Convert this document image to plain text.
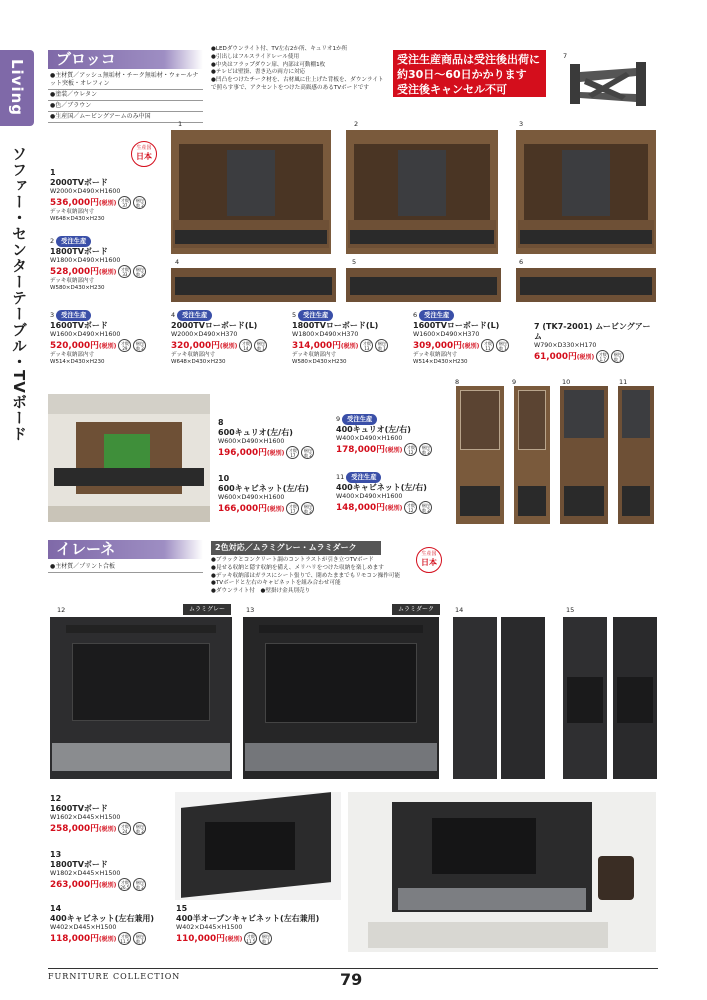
Living
ソファー・センターテーブル・TVボード
ブロッコ
●主材質／アッシュ無垢材・チーク無垢材・ウォールナット突板・オレフィン
●塗装／ウレタン
●色／ブラウン
●生産国／ムービングアームのみ中国
●LEDダウンライト付、TV左右2か所、キュリオ1か所
●引出しはフルスライドレール使用
●中央はフラップダウン扉、内部は可動棚1枚
●テレビは壁掛、書き込の両方に対応
●凹凸をつけたチーク材を、古材風に仕上げた背板を、ダウンライトで照らす事で、アクセントをつけた高級感のあるTVボードです
受注生産商品は受注後出荷に
約30日〜60日かかります
受注後キャンセル不可
7
生産国
日本
1	2	3
4	5	6
1
2000TVボード
W2000×D490×H1600
536,000円(税別) 才数 37梱包数 2
デッキ収納部内寸
W648×D430×H230
2 受注生産
1800TVボード
W1800×D490×H1600
528,000円(税別) 才数 33梱包数 2
デッキ収納部内寸
W580×D430×H230
3 受注生産
1600TVボード
W1600×D490×H1600
520,000円(税別) 才数 29梱包数 2
デッキ収納部内寸
W514×D430×H230
4 受注生産
2000TVローボード(L)
W2000×D490×H370
320,000円(税別) 才数 14梱包数 1
デッキ収納部内寸
W648×D430×H230
5 受注生産
1800TVローボード(L)
W1800×D490×H370
314,000円(税別) 才数 13梱包数 1
デッキ収納部内寸
W580×D430×H230
6 受注生産
1600TVローボード(L)
W1600×D490×H370
309,000円(税別) 才数 11梱包数 1
デッキ収納部内寸
W514×D430×H230
7 (TK7-2001) ムービングアーム
W790×D330×H170
61,000円(税別) 才数 1.7梱包数 1
8
600キュリオ(左/右)
W600×D490×H1600
196,000円(税別) 才数 17梱包数 2
9 受注生産
400キュリオ(左/右)
W400×D490×H1600
178,000円(税別) 才数 12梱包数 2
10
600キャビネット(左/右)
W600×D490×H1600
166,000円(税別) 才数 17梱包数 2
11 受注生産
400キャビネット(左/右)
W400×D490×H1600
148,000円(税別) 才数 12梱包数 2
8	9	10	11
イレーネ
●主材質／プリント合板
2色対応／ムラミグレー・ムラミダーク
●ブラックとコンクリート調のコントラストが引き立つTVボード
●見せる収納と隠す収納を備え、メリハリをつけた収納を楽しめます
●デッキ収納部はガラスにシート張りで、閉めたままでもリモコン操作可能
●TVボードと左右のキャビネットを組み合わせ可能
●ダウンライト付　●壁掛け金具別売り
生産国
日本
12	13	14	15
ムラミグレー	ムラミダーク
12
1600TVボード
W1602×D445×H1500
258,000円(税別) 才数 24梱包数 2
13
1800TVボード
W1802×D445×H1500
263,000円(税別) 才数 26.5梱包数 2
14
400キャビネット(左右兼用)
W402×D445×H1500
118,000円(税別) 才数 11.5梱包数 1
15
400半オープンキャビネット(左右兼用)
W402×D445×H1500
110,000円(税別) 才数 11.5梱包数 1
FURNITURE COLLECTION	79
